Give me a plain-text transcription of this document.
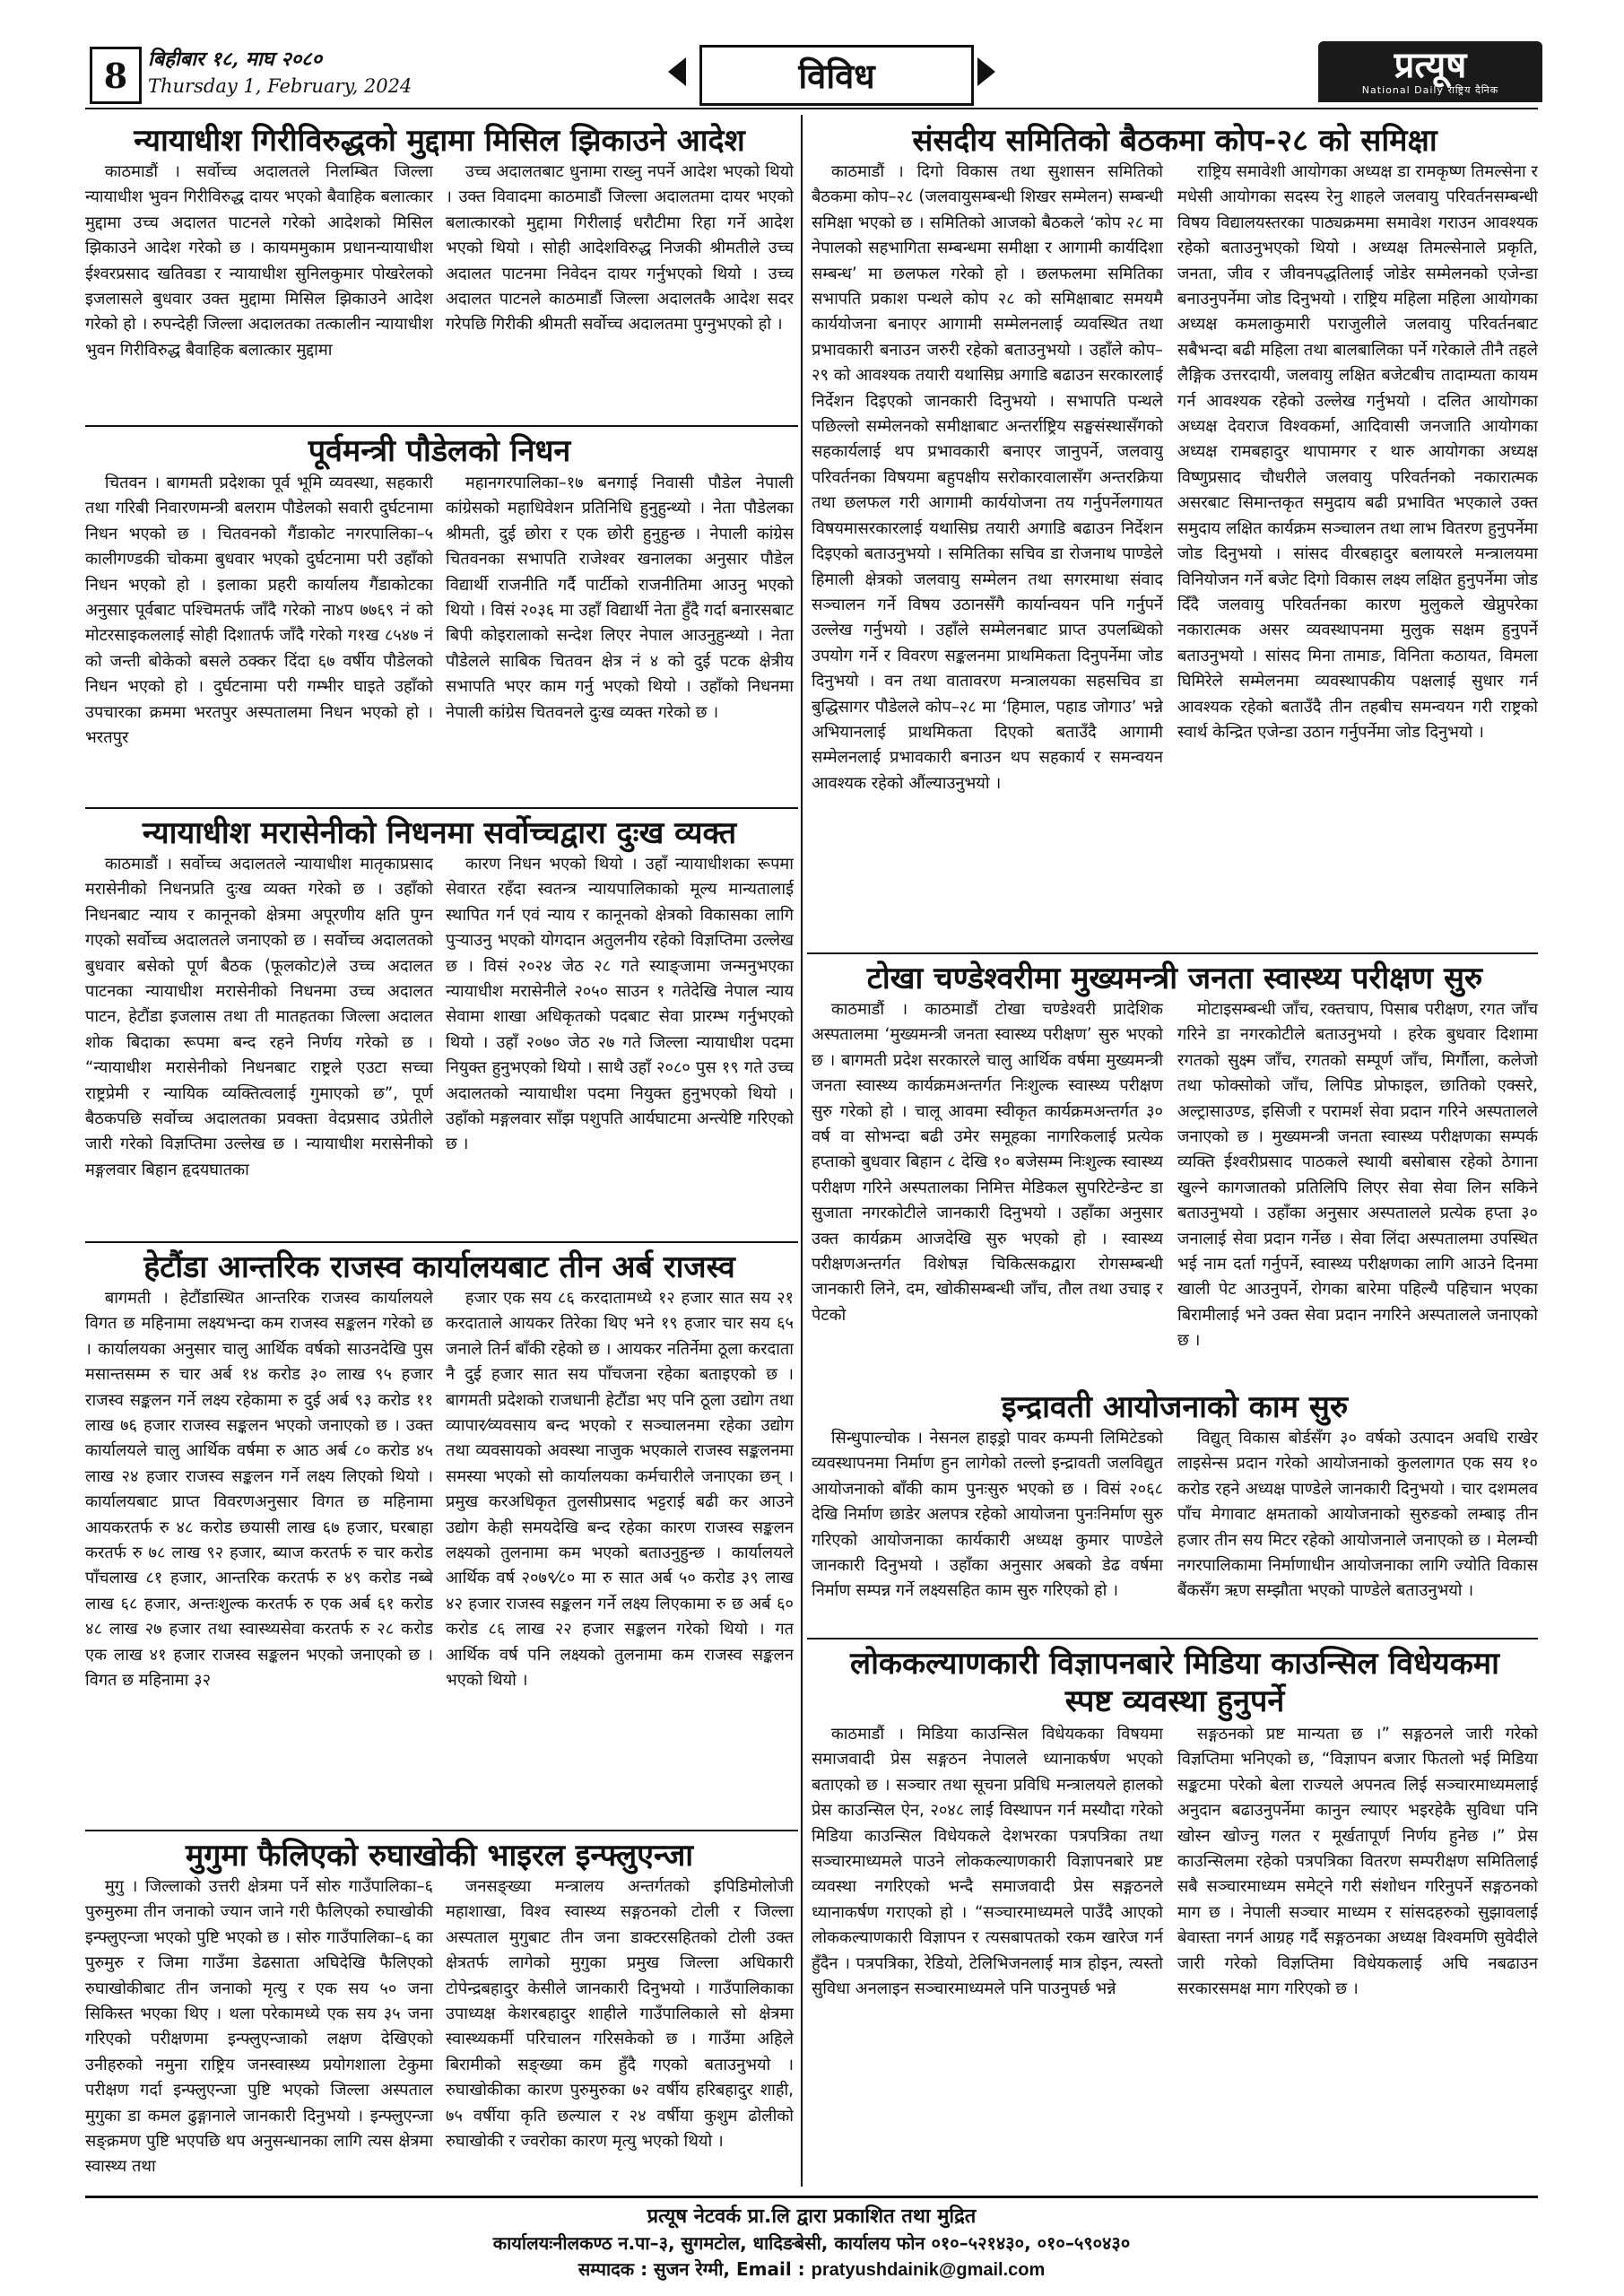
8	बिहीबार १८, माघ २०८०
Thursday 1, February, 2024	विविध	प्रत्यूष
National Daily राष्ट्रिय दैनिक
न्यायाधीश गिरीविरुद्धको मुद्दामा मिसिल झिकाउने आदेश

काठमाडौं । सर्वोच्च अदालतले निलम्बित जिल्ला न्यायाधीश भुवन गिरीविरुद्ध दायर भएको बैवाहिक बलात्कार मुद्दामा उच्च अदालत पाटनले गरेको आदेशको मिसिल झिकाउने आदेश गरेको छ । कायममुकाम प्रधानन्यायाधीश ईश्वरप्रसाद खतिवडा र न्यायाधीश सुनिलकुमार पोखरेलको इजलासले बुधवार उक्त मुद्दामा मिसिल झिकाउने आदेश गरेको हो । रुपन्देही जिल्ला अदालतका तत्कालीन न्यायाधीश भुवन गिरीविरुद्ध बैवाहिक बलात्कार मुद्दामा

उच्च अदालतबाट धुनामा राख्नु नपर्ने आदेश भएको थियो । उक्त विवादमा काठमाडौं जिल्ला अदालतमा दायर भएको बलात्कारको मुद्दामा गिरीलाई धरौटीमा रिहा गर्ने आदेश भएको थियो । सोही आदेशविरुद्ध निजकी श्रीमतीले उच्च अदालत पाटनमा निवेदन दायर गर्नुभएको थियो । उच्च अदालत पाटनले काठमाडौं जिल्ला अदालतकै आदेश सदर गरेपछि गिरीकी श्रीमती सर्वोच्च अदालतमा पुग्नुभएको हो ।

पूर्वमन्त्री पौडेलको निधन

चितवन । बागमती प्रदेशका पूर्व भूमि व्यवस्था, सहकारी तथा गरिबी निवारणमन्त्री बलराम पौडेलको सवारी दुर्घटनामा निधन भएको छ । चितवनको गैंडाकोट नगरपालिका–५ कालीगण्डकी चोकमा बुधवार भएको दुर्घटनामा परी उहाँको निधन भएको हो । इलाका प्रहरी कार्यालय गैंडाकोटका अनुसार पूर्वबाट पश्चिमतर्फ जाँदै गरेको ना४प ७७६९ नं को मोटरसाइकललाई सोही दिशातर्फ जाँदै गरेको ग१ख ८५४७ नं को जन्ती बोकेको बसले ठक्कर दिंदा ६७ वर्षीय पौडेलको निधन भएको हो । दुर्घटनामा परी गम्भीर घाइते उहाँको उपचारका क्रममा भरतपुर अस्पतालमा निधन भएको हो । भरतपुर

महानगरपालिका–१७ बनगाई निवासी पौडेल नेपाली कांग्रेसको महाधिवेशन प्रतिनिधि हुनुहुन्थ्यो । नेता पौडेलका श्रीमती, दुई छोरा र एक छोरी हुनुहुन्छ । नेपाली कांग्रेस चितवनका सभापति राजेश्वर खनालका अनुसार पौडेल विद्यार्थी राजनीति गर्दै पार्टीको राजनीतिमा आउनु भएको थियो । विसं २०३६ मा उहाँ विद्यार्थी नेता हुँदै गर्दा बनारसबाट बिपी कोइरालाको सन्देश लिएर नेपाल आउनुहुन्थ्यो । नेता पौडेलले साबिक चितवन क्षेत्र नं ४ को दुई पटक क्षेत्रीय सभापति भएर काम गर्नु भएको थियो । उहाँको निधनमा नेपाली कांग्रेस चितवनले दुःख व्यक्त गरेको छ ।

न्यायाधीश मरासेनीको निधनमा सर्वोच्चद्वारा दुःख व्यक्त

काठमाडौं । सर्वोच्च अदालतले न्यायाधीश मातृकाप्रसाद मरासेनीको निधनप्रति दुःख व्यक्त गरेको छ । उहाँको निधनबाट न्याय र कानूनको क्षेत्रमा अपूरणीय क्षति पुग्न गएको सर्वोच्च अदालतले जनाएको छ । सर्वोच्च अदालतको बुधवार बसेको पूर्ण बैठक (फूलकोट)ले उच्च अदालत पाटनका न्यायाधीश मरासेनीको निधनमा उच्च अदालत पाटन, हेटौंडा इजलास तथा ती मातहतका जिल्ला अदालत शोक बिदाका रूपमा बन्द रहने निर्णय गरेको छ । “न्यायाधीश मरासेनीको निधनबाट राष्ट्रले एउटा सच्चा राष्ट्रप्रेमी र न्यायिक व्यक्तित्वलाई गुमाएको छ”, पूर्ण बैठकपछि सर्वोच्च अदालतका प्रवक्ता वेदप्रसाद उप्रेतीले जारी गरेको विज्ञप्तिमा उल्लेख छ । न्यायाधीश मरासेनीको मङ्गलवार बिहान हृदयघातका

कारण निधन भएको थियो । उहाँ न्यायाधीशका रूपमा सेवारत रहँदा स्वतन्त्र न्यायपालिकाको मूल्य मान्यतालाई स्थापित गर्न एवं न्याय र कानूनको क्षेत्रको विकासका लागि पुऱ्याउनु भएको योगदान अतुलनीय रहेको विज्ञप्तिमा उल्लेख छ । विसं २०२४ जेठ २८ गते स्याङ्जामा जन्मनुभएका न्यायाधीश मरासेनीले २०५० साउन १ गतेदेखि नेपाल न्याय सेवामा शाखा अधिकृतको पदबाट सेवा प्रारम्भ गर्नुभएको थियो । उहाँ २०७० जेठ २७ गते जिल्ला न्यायाधीश पदमा नियुक्त हुनुभएको थियो । साथै उहाँ २०८० पुस १९ गते उच्च अदालतको न्यायाधीश पदमा नियुक्त हुनुभएको थियो । उहाँको मङ्गलवार साँझ पशुपति आर्यघाटमा अन्त्येष्टि गरिएको छ ।

हेटौंडा आन्तरिक राजस्व कार्यालयबाट तीन अर्ब राजस्व

बागमती । हेटौंडास्थित आन्तरिक राजस्व कार्यालयले विगत छ महिनामा लक्ष्यभन्दा कम राजस्व सङ्कलन गरेको छ । कार्यालयका अनुसार चालु आर्थिक वर्षको साउनदेखि पुस मसान्तसम्म रु चार अर्ब १४ करोड ३० लाख ९५ हजार राजस्व सङ्कलन गर्ने लक्ष्य रहेकामा रु दुई अर्ब ९३ करोड ११ लाख ७६ हजार राजस्व सङ्कलन भएको जनाएको छ । उक्त कार्यालयले चालु आर्थिक वर्षमा रु आठ अर्ब ८० करोड ४५ लाख २४ हजार राजस्व सङ्कलन गर्ने लक्ष्य लिएको थियो । कार्यालयबाट प्राप्त विवरणअनुसार विगत छ महिनामा आयकरतर्फ रु ४८ करोड छयासी लाख ६७ हजार, घरबाहा करतर्फ रु ७८ लाख ९२ हजार, ब्याज करतर्फ रु चार करोड पाँचलाख ८१ हजार, आन्तरिक करतर्फ रु ४९ करोड नब्बे लाख ६८ हजार, अन्तःशुल्क करतर्फ रु एक अर्ब ६१ करोड ४८ लाख २७ हजार तथा स्वास्थ्यसेवा करतर्फ रु २८ करोड एक लाख ४१ हजार राजस्व सङ्कलन भएको जनाएको छ । विगत छ महिनामा ३२

हजार एक सय ८६ करदातामध्ये १२ हजार सात सय २१ करदाताले आयकर तिरेका थिए भने १९ हजार चार सय ६५ जनाले तिर्न बाँकी रहेको छ । आयकर नतिर्नेमा ठूला करदाता नै दुई हजार सात सय पाँचजना रहेका बताइएको छ । बागमती प्रदेशको राजधानी हेटौंडा भए पनि ठूला उद्योग तथा व्यापार⁄व्यवसाय बन्द भएको र सञ्चालनमा रहेका उद्योग तथा व्यवसायको अवस्था नाजुक भएकाले राजस्व सङ्कलनमा समस्या भएको सो कार्यालयका कर्मचारीले जनाएका छन् । प्रमुख करअधिकृत तुलसीप्रसाद भट्टराई बढी कर आउने उद्योग केही समयदेखि बन्द रहेका कारण राजस्व सङ्कलन लक्ष्यको तुलनामा कम भएको बताउनुहुन्छ । कार्यालयले आर्थिक वर्ष २०७९⁄८० मा रु सात अर्ब ५० करोड ३९ लाख ४२ हजार राजस्व सङ्कलन गर्ने लक्ष्य लिएकामा रु छ अर्ब ६० करोड ८६ लाख २२ हजार सङ्कलन गरेको थियो । गत आर्थिक वर्ष पनि लक्ष्यको तुलनामा कम राजस्व सङ्कलन भएको थियो ।

मुगुमा फैलिएको रुघाखोकी भाइरल इन्फ्लुएन्जा

मुगु । जिल्लाको उत्तरी क्षेत्रमा पर्ने सोरु गाउँपालिका–६ पुरुमुरुमा तीन जनाको ज्यान जाने गरी फैलिएको रुघाखोकी इन्फ्लुएन्जा भएको पुष्टि भएको छ । सोरु गाउँपालिका–६ का पुरुमुरु र जिमा गाउँमा डेढसाता अघिदेखि फैलिएको रुघाखोकीबाट तीन जनाको मृत्यु र एक सय ५० जना सिकिस्त भएका थिए । थला परेकामध्ये एक सय ३५ जना गरिएको परीक्षणमा इन्फ्लुएन्जाको लक्षण देखिएको उनीहरुको नमुना राष्ट्रिय जनस्वास्थ्य प्रयोगशाला टेकुमा परीक्षण गर्दा इन्फ्लुएन्जा पुष्टि भएको जिल्ला अस्पताल मुगुका डा कमल ढुङ्गानाले जानकारी दिनुभयो । इन्फ्लुएन्जा सङ्क्रमण पुष्टि भएपछि थप अनुसन्धानका लागि त्यस क्षेत्रमा स्वास्थ्य तथा

जनसङ्ख्या मन्त्रालय अन्तर्गतको इपिडिमोलोजी महाशाखा, विश्व स्वास्थ्य सङ्गठनको टोली र जिल्ला अस्पताल मुगुबाट तीन जना डाक्टरसहितको टोली उक्त क्षेत्रतर्फ लागेको मुगुका प्रमुख जिल्ला अधिकारी टोपेन्द्रबहादुर केसीले जानकारी दिनुभयो । गाउँपालिकाका उपाध्यक्ष केशरबहादुर शाहीले गाउँपालिकाले सो क्षेत्रमा स्वास्थ्यकर्मी परिचालन गरिसकेको छ । गाउँमा अहिले बिरामीको सङ्ख्या कम हुँदै गएको बताउनुभयो । रुघाखोकीका कारण पुरुमुरुका ७२ वर्षीय हरिबहादुर शाही, ७५ वर्षीया कृति छल्याल र २४ वर्षीया कुशुम ढोलीको रुघाखोकी र ज्वरोका कारण मृत्यु भएको थियो ।

संसदीय समितिको बैठकमा कोप-२८ को समिक्षा

काठमाडौं । दिगो विकास तथा सुशासन समितिको बैठकमा कोप–२८ (जलवायुसम्बन्धी शिखर सम्मेलन) सम्बन्धी समिक्षा भएको छ । समितिको आजको बैठकले ‘कोप २८ मा नेपालको सहभागिता सम्बन्धमा समीक्षा र आगामी कार्यदिशा सम्बन्ध’ मा छलफल गरेको हो । छलफलमा समितिका सभापति प्रकाश पन्थले कोप २८ को समिक्षाबाट समयमै कार्ययोजना बनाएर आगामी सम्मेलनलाई व्यवस्थित तथा प्रभावकारी बनाउन जरुरी रहेको बताउनुभयो । उहाँले कोप–२९ को आवश्यक तयारी यथासिघ्र अगाडि बढाउन सरकारलाई निर्देशन दिइएको जानकारी दिनुभयो । सभापति पन्थले पछिल्लो सम्मेलनको समीक्षाबाट अन्तर्राष्ट्रिय सङ्घसंस्थासँगको सहकार्यलाई थप प्रभावकारी बनाएर जानुपर्ने, जलवायु परिवर्तनका विषयमा बहुपक्षीय सरोकारवालासँग अन्तरक्रिया तथा छलफल गरी आगामी कार्ययोजना तय गर्नुपर्नेलगायत विषयमासरकारलाई यथासिघ्र तयारी अगाडि बढाउन निर्देशन दिइएको बताउनुभयो । समितिका सचिव डा रोजनाथ पाण्डेले हिमाली क्षेत्रको जलवायु सम्मेलन तथा सगरमाथा संवाद सञ्चालन गर्ने विषय उठानसँगै कार्यान्वयन पनि गर्नुपर्ने उल्लेख गर्नुभयो । उहाँले सम्मेलनबाट प्राप्त उपलब्धिको उपयोग गर्ने र विवरण सङ्कलनमा प्राथमिकता दिनुपर्नेमा जोड दिनुभयो । वन तथा वातावरण मन्त्रालयका सहसचिव डा बुद्धिसागर पौडेलले कोप–२८ मा ‘हिमाल, पहाड जोगाउ’ भन्ने अभियानलाई प्राथमिकता दिएको बताउँदै आगामी सम्मेलनलाई प्रभावकारी बनाउन थप सहकार्य र समन्वयन आवश्यक रहेको औंल्याउनुभयो ।

राष्ट्रिय समावेशी आयोगका अध्यक्ष डा रामकृष्ण तिमल्सेना र मधेसी आयोगका सदस्य रेनु शाहले जलवायु परिवर्तनसम्बन्धी विषय विद्यालयस्तरका पाठ्यक्रममा समावेश गराउन आवश्यक रहेको बताउनुभएको थियो । अध्यक्ष तिमल्सेनाले प्रकृति, जनता, जीव र जीवनपद्धतिलाई जोडेर सम्मेलनको एजेन्डा बनाउनुपर्नेमा जोड दिनुभयो । राष्ट्रिय महिला महिला आयोगका अध्यक्ष कमलाकुमारी पराजुलीले जलवायु परिवर्तनबाट सबैभन्दा बढी महिला तथा बालबालिका पर्ने गरेकाले तीनै तहले लैङ्गिक उत्तरदायी, जलवायु लक्षित बजेटबीच तादाम्यता कायम गर्न आवश्यक रहेको उल्लेख गर्नुभयो । दलित आयोगका अध्यक्ष देवराज विश्वकर्मा, आदिवासी जनजाति आयोगका अध्यक्ष रामबहादुर थापामगर र थारु आयोगका अध्यक्ष विष्णुप्रसाद चौधरीले जलवायु परिवर्तनको नकारात्मक असरबाट सिमान्तकृत समुदाय बढी प्रभावित भएकाले उक्त समुदाय लक्षित कार्यक्रम सञ्चालन तथा लाभ वितरण हुनुपर्नेमा जोड दिनुभयो । सांसद वीरबहादुर बलायरले मन्त्रालयमा विनियोजन गर्ने बजेट दिगो विकास लक्ष्य लक्षित हुनुपर्नेमा जोड दिँदै जलवायु परिवर्तनका कारण मुलुकले खेप्नुपरेका नकारात्मक असर व्यवस्थापनमा मुलुक सक्षम हुनुपर्ने बताउनुभयो । सांसद मिना तामाङ, विनिता कठायत, विमला घिमिरेले सम्मेलनमा व्यवस्थापकीय पक्षलाई सुधार गर्न आवश्यक रहेको बताउँदै तीन तहबीच समन्वयन गरी राष्ट्रको स्वार्थ केन्द्रित एजेन्डा उठान गर्नुपर्नेमा जोड दिनुभयो ।

टोखा चण्डेश्वरीमा मुख्यमन्त्री जनता स्वास्थ्य परीक्षण सुरु

काठमाडौं । काठमाडौं टोखा चण्डेश्वरी प्रादेशिक अस्पतालमा ‘मुख्यमन्त्री जनता स्वास्थ्य परीक्षण’ सुरु भएको छ । बागमती प्रदेश सरकारले चालु आर्थिक वर्षमा मुख्यमन्त्री जनता स्वास्थ्य कार्यक्रमअन्तर्गत निःशुल्क स्वास्थ्य परीक्षण सुरु गरेको हो । चालू आवमा स्वीकृत कार्यक्रमअन्तर्गत ३० वर्ष वा सोभन्दा बढी उमेर समूहका नागरिकलाई प्रत्येक हप्ताको बुधवार बिहान ८ देखि १० बजेसम्म निःशुल्क स्वास्थ्य परीक्षण गरिने अस्पतालका निमित्त मेडिकल सुपरिटेन्डेन्ट डा सुजाता नगरकोटीले जानकारी दिनुभयो । उहाँका अनुसार उक्त कार्यक्रम आजदेखि सुरु भएको हो । स्वास्थ्य परीक्षणअन्तर्गत विशेषज्ञ चिकित्सकद्वारा रोगसम्बन्धी जानकारी लिने, दम, खोकीसम्बन्धी जाँच, तौल तथा उचाइ र पेटको

मोटाइसम्बन्धी जाँच, रक्तचाप, पिसाब परीक्षण, रगत जाँच गरिने डा नगरकोटीले बताउनुभयो । हरेक बुधवार दिशामा रगतको सुक्ष्म जाँच, रगतको सम्पूर्ण जाँच, मिर्गौला, कलेजो तथा फोक्सोको जाँच, लिपिड प्रोफाइल, छातिको एक्सरे, अल्ट्रासाउण्ड, इसिजी र परामर्श सेवा प्रदान गरिने अस्पतालले जनाएको छ । मुख्यमन्त्री जनता स्वास्थ्य परीक्षणका सम्पर्क व्यक्ति ईश्वरीप्रसाद पाठकले स्थायी बसोबास रहेको ठेगाना खुल्ने कागजातको प्रतिलिपि लिएर सेवा सेवा लिन सकिने बताउनुभयो । उहाँका अनुसार अस्पतालले प्रत्येक हप्ता ३० जनालाई सेवा प्रदान गर्नेछ । सेवा लिंदा अस्पतालमा उपस्थित भई नाम दर्ता गर्नुपर्ने, स्वास्थ्य परीक्षणका लागि आउने दिनमा खाली पेट आउनुपर्ने, रोगका बारेमा पहिल्यै पहिचान भएका बिरामीलाई भने उक्त सेवा प्रदान नगरिने अस्पतालले जनाएको छ ।

इन्द्रावती आयोजनाको काम सुरु

सिन्धुपाल्चोक । नेसनल हाइड्रो पावर कम्पनी लिमिटेडको व्यवस्थापनमा निर्माण हुन लागेको तल्लो इन्द्रावती जलविद्युत आयोजनाको बाँकी काम पुनःसुरु भएको छ । विसं २०६८ देखि निर्माण छाडेर अलपत्र रहेको आयोजना पुनःनिर्माण सुरु गरिएको आयोजनाका कार्यकारी अध्यक्ष कुमार पाण्डेले जानकारी दिनुभयो । उहाँका अनुसार अबको डेढ वर्षमा निर्माण सम्पन्न गर्ने लक्ष्यसहित काम सुरु गरिएको हो ।

विद्युत् विकास बोर्डसँग ३० वर्षको उत्पादन अवधि राखेर लाइसेन्स प्रदान गरेको आयोजनाको कुललागत एक सय १० करोड रहने अध्यक्ष पाण्डेले जानकारी दिनुभयो । चार दशमलव पाँच मेगावाट क्षमताको आयोजनाको सुरुङको लम्बाइ तीन हजार तीन सय मिटर रहेको आयोजनाले जनाएको छ । मेलम्ची नगरपालिकामा निर्माणाधीन आयोजनाका लागि ज्योति विकास बैंकसँग ऋण सम्झौता भएको पाण्डेले बताउनुभयो ।

लोककल्याणकारी विज्ञापनबारे मिडिया काउन्सिल विधेयकमा
स्पष्ट व्यवस्था हुनुपर्ने

काठमाडौं । मिडिया काउन्सिल विधेयकका विषयमा समाजवादी प्रेस सङ्गठन नेपालले ध्यानाकर्षण भएको बताएको छ । सञ्चार तथा सूचना प्रविधि मन्त्रालयले हालको प्रेस काउन्सिल ऐन, २०४८ लाई विस्थापन गर्न मस्यौदा गरेको मिडिया काउन्सिल विधेयकले देशभरका पत्रपत्रिका तथा सञ्चारमाध्यमले पाउने लोककल्याणकारी विज्ञापनबारे प्रष्ट व्यवस्था नगरिएको भन्दै समाजवादी प्रेस सङ्गठनले ध्यानाकर्षण गराएको हो । “सञ्चारमाध्यमले पाउँदै आएको लोककल्याणकारी विज्ञापन र त्यसबापतको रकम खारेज गर्न हुँदैन । पत्रपत्रिका, रेडियो, टेलिभिजनलाई मात्र होइन, त्यस्तो सुविधा अनलाइन सञ्चारमाध्यमले पनि पाउनुपर्छ भन्ने

सङ्गठनको प्रष्ट मान्यता छ ।” सङ्गठनले जारी गरेको विज्ञप्तिमा भनिएको छ, “विज्ञापन बजार फितलो भई मिडिया सङ्कटमा परेको बेला राज्यले अपनत्व लिई सञ्चारमाध्यमलाई अनुदान बढाउनुपर्नेमा कानुन ल्याएर भइरहेकै सुविधा पनि खोस्न खोज्नु गलत र मूर्खतापूर्ण निर्णय हुनेछ ।” प्रेस काउन्सिलमा रहेको पत्रपत्रिका वितरण सम्परीक्षण समितिलाई सबै सञ्चारमाध्यम समेट्ने गरी संशोधन गरिनुपर्ने सङ्गठनको माग छ । नेपाली सञ्चार माध्यम र सांसदहरुको सुझावलाई बेवास्ता नगर्न आग्रह गर्दै सङ्गठनका अध्यक्ष विश्वमणि सुवेदीले जारी गरेको विज्ञप्तिमा विधेयकलाई अघि नबढाउन सरकारसमक्ष माग गरिएको छ ।

प्रत्यूष नेटवर्क प्रा.लि द्वारा प्रकाशित तथा मुद्रित
कार्यालयःनीलकण्ठ न.पा–३, सुगमटोल, धादिङबेसी, कार्यालय फोन ०१०–५२१४३०, ०१०–५९०४३०
सम्पादक : सुजन रेग्मी, Email : pratyushdainik@gmail.com
